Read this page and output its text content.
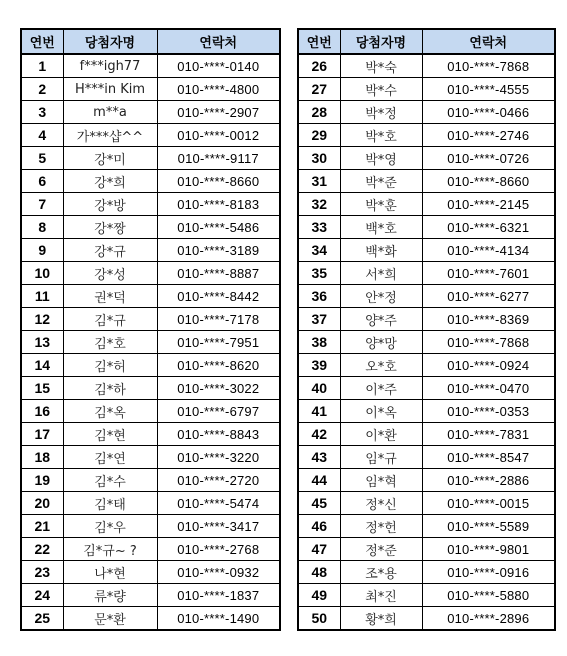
연번	당첨자명	연락처
1	f***igh77	010-****-0140
2	H***in Kim	010-****-4800
3	m**a	010-****-2907
4	가***샵^^	010-****-0012
5	강*미	010-****-9117
6	강*희	010-****-8660
7	강*방	010-****-8183
8	강*짱	010-****-5486
9	강*규	010-****-3189
10	강*성	010-****-8887
11	권*덕	010-****-8442
12	김*규	010-****-7178
13	김*호	010-****-7951
14	김*허	010-****-8620
15	김*하	010-****-3022
16	김*옥	010-****-6797
17	김*현	010-****-8843
18	김*연	010-****-3220
19	김*수	010-****-2720
20	김*태	010-****-5474
21	김*우	010-****-3417
22	김*규~ ?	010-****-2768
23	나*현	010-****-0932
24	류*량	010-****-1837
25	문*환	010-****-1490
연번	당첨자명	연락처
26	박*숙	010-****-7868
27	박*수	010-****-4555
28	박*정	010-****-0466
29	박*호	010-****-2746
30	박*영	010-****-0726
31	박*준	010-****-8660
32	박*훈	010-****-2145
33	백*호	010-****-6321
34	백*화	010-****-4134
35	서*희	010-****-7601
36	안*정	010-****-6277
37	양*주	010-****-8369
38	양*망	010-****-7868
39	오*호	010-****-0924
40	이*주	010-****-0470
41	이*옥	010-****-0353
42	이*환	010-****-7831
43	임*규	010-****-8547
44	임*혁	010-****-2886
45	정*신	010-****-0015
46	정*헌	010-****-5589
47	정*준	010-****-9801
48	조*용	010-****-0916
49	최*진	010-****-5880
50	황*희	010-****-2896
